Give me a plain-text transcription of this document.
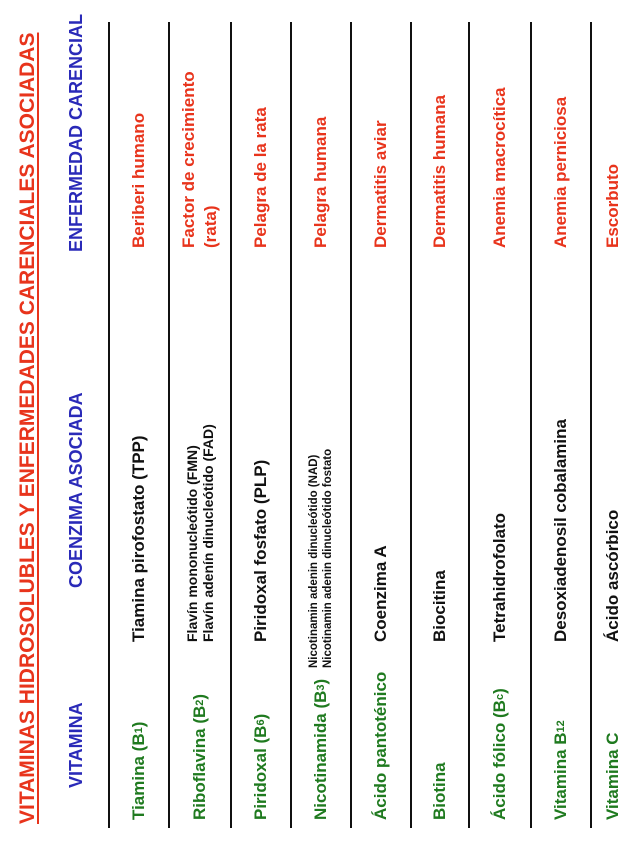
VITAMINAS HIDROSOLUBLES Y ENFERMEDADES CARENCIALES ASOCIADAS	VITAMINA
COENZIMA ASOCIADA
ENFERMEDAD CARENCIAL
Tiamina (B
1
)
Tiamina pirofostato (TPP)
Beriberi humano
Riboflavina (B
2
)
Flavín mononucleótido (FMN) Flavín adenín dinucleótido (FAD)
Factor de crecimiento (rata)
Piridoxal (B
6
)
Piridoxal fosfato (PLP)
Pelagra de la rata
Nicotinamida (B
3
)
Nicotinamin adenin dinucleótido (NAD) Nicotinamin adenin dinucleótido fostato
Pelagra humana
Ácido pantoténico
Coenzima A
Dermatitis aviar
Biotina
Biocitina
Dermatitis humana
Ácido fólico (B
c
)
Tetrahidrofolato
Anemia macrocítica
Vitamina B
12
Desoxiadenosil cobalamina
Anemia perniciosa
Vitamina C
Ácido ascórbico
Escorbuto
